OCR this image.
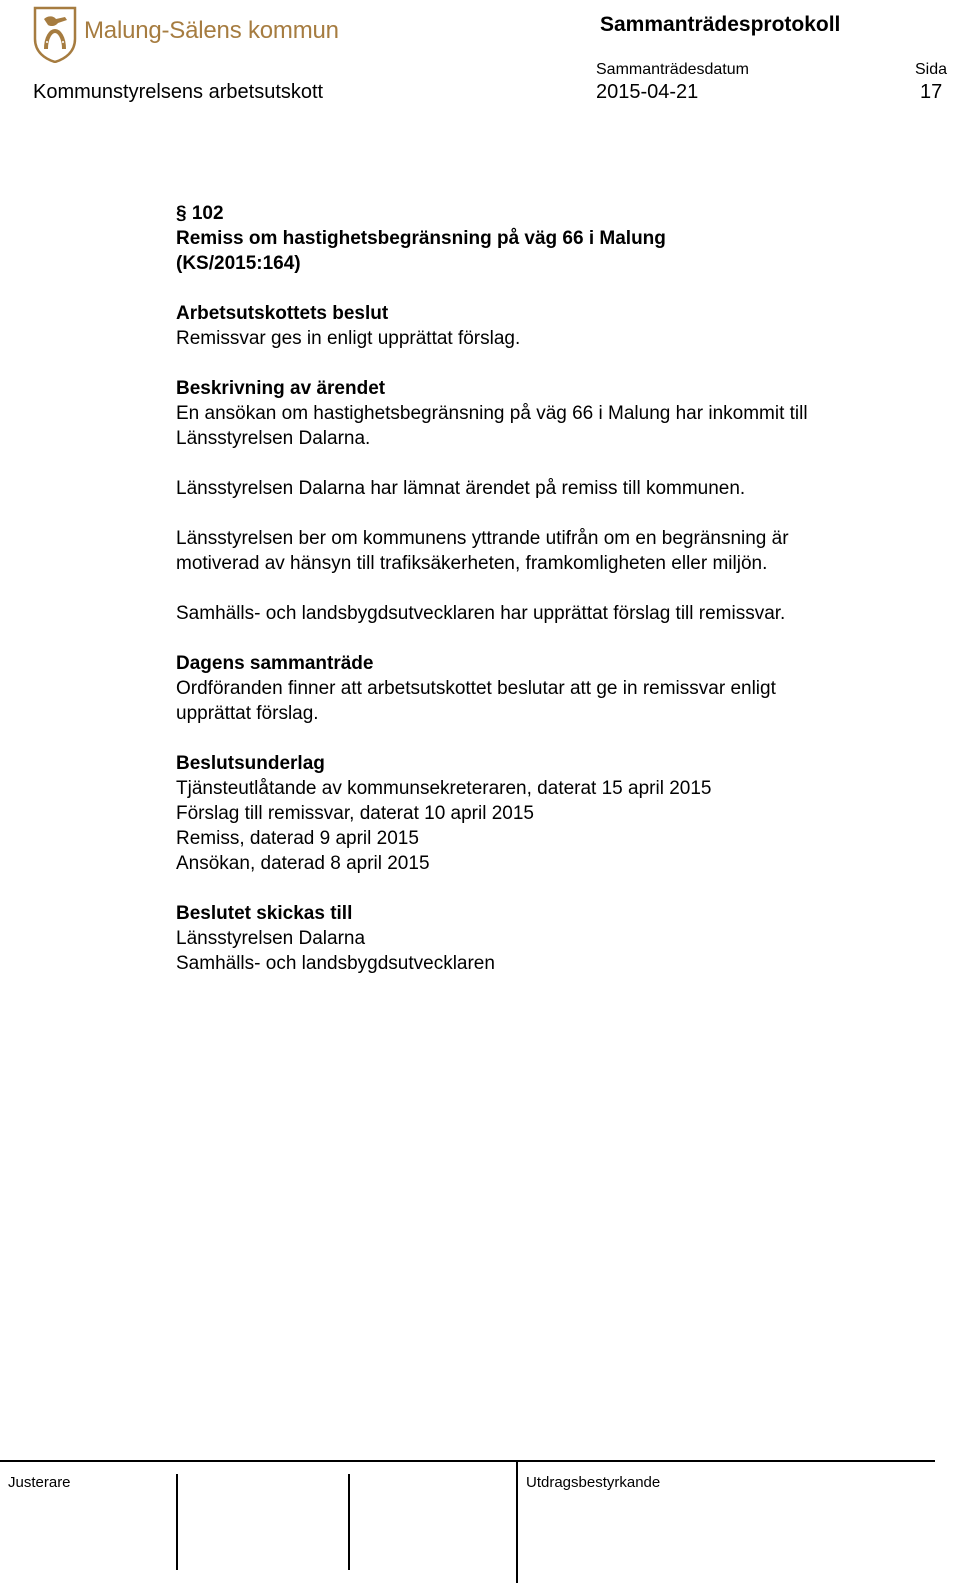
Malung-Sälens kommun	Sammanträdesprotokoll
Sammanträdesdatum	Sida
Kommunstyrelsens arbetsutskott	2015-04-21	17

§ 102

Remiss om hastighetsbegränsning på väg 66 i Malung

(KS/2015:164)

Arbetsutskottets beslut

Remissvar ges in enligt upprättat förslag.

Beskrivning av ärendet

En ansökan om hastighetsbegränsning på väg 66 i Malung har inkommit till

Länsstyrelsen Dalarna.

Länsstyrelsen Dalarna har lämnat ärendet på remiss till kommunen.

Länsstyrelsen ber om kommunens yttrande utifrån om en begränsning är

motiverad av hänsyn till trafiksäkerheten, framkomligheten eller miljön.

Samhälls- och landsbygdsutvecklaren har upprättat förslag till remissvar.

Dagens sammanträde

Ordföranden finner att arbetsutskottet beslutar att ge in remissvar enligt

upprättat förslag.

Beslutsunderlag

Tjänsteutlåtande av kommunsekreteraren, daterat 15 april 2015

Förslag till remissvar, daterat 10 april 2015

Remiss, daterad 9 april 2015

Ansökan, daterad 8 april 2015

Beslutet skickas till

Länsstyrelsen Dalarna

Samhälls- och landsbygdsutvecklaren

Justerare	Utdragsbestyrkande
